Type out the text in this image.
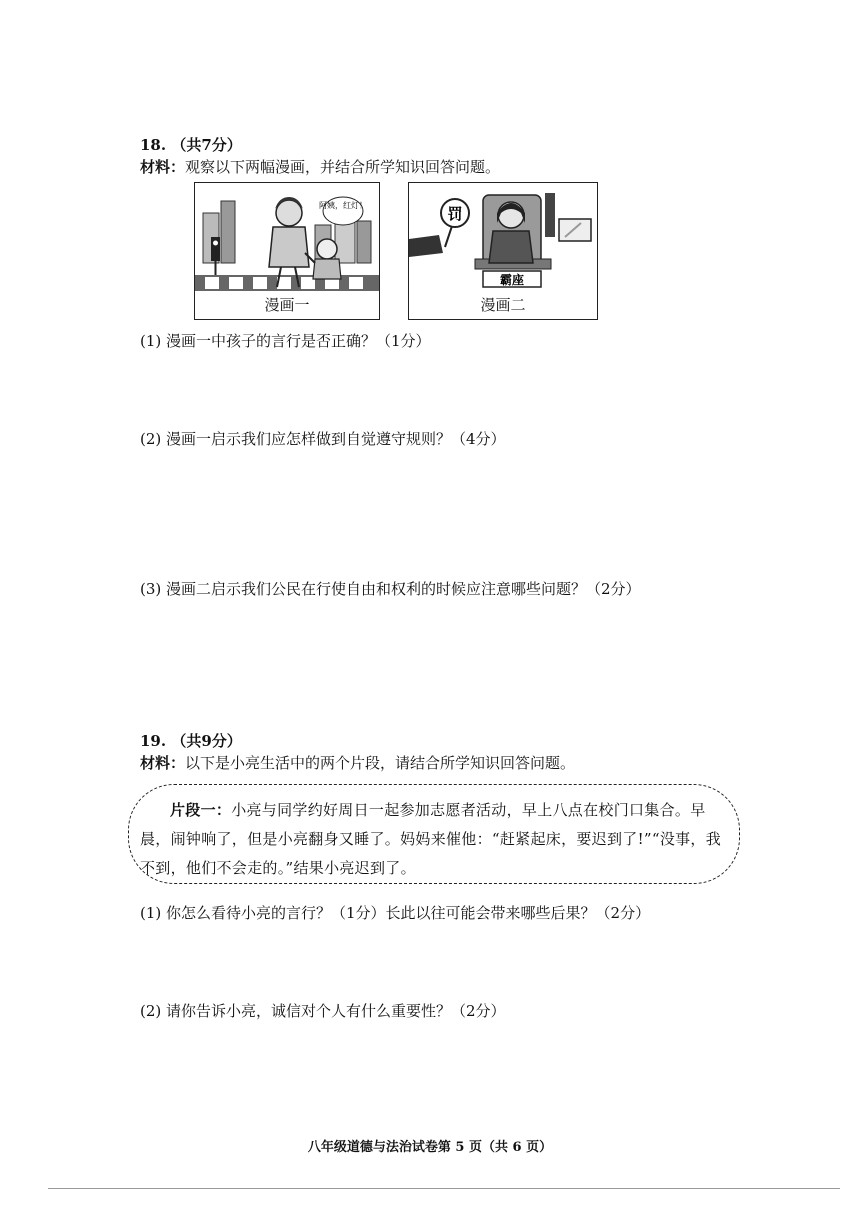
18. （共7分）
材料：观察以下两幅漫画，并结合所学知识回答问题。
阿姨，红灯！
漫画一
罚
霸座
漫画二
(1) 漫画一中孩子的言行是否正确？（1分）
(2) 漫画一启示我们应怎样做到自觉遵守规则？（4分）
(3) 漫画二启示我们公民在行使自由和权利的时候应注意哪些问题？（2分）
19. （共9分）
材料：以下是小亮生活中的两个片段，请结合所学知识回答问题。
片段一：小亮与同学约好周日一起参加志愿者活动，早上八点在校门口集合。早晨，闹钟响了，但是小亮翻身又睡了。妈妈来催他：“赶紧起床，要迟到了!”“没事，我不到，他们不会走的。”结果小亮迟到了。
(1) 你怎么看待小亮的言行？（1分）长此以往可能会带来哪些后果？（2分）
(2) 请你告诉小亮，诚信对个人有什么重要性？（2分）
八年级道德与法治试卷第 5 页（共 6 页）
